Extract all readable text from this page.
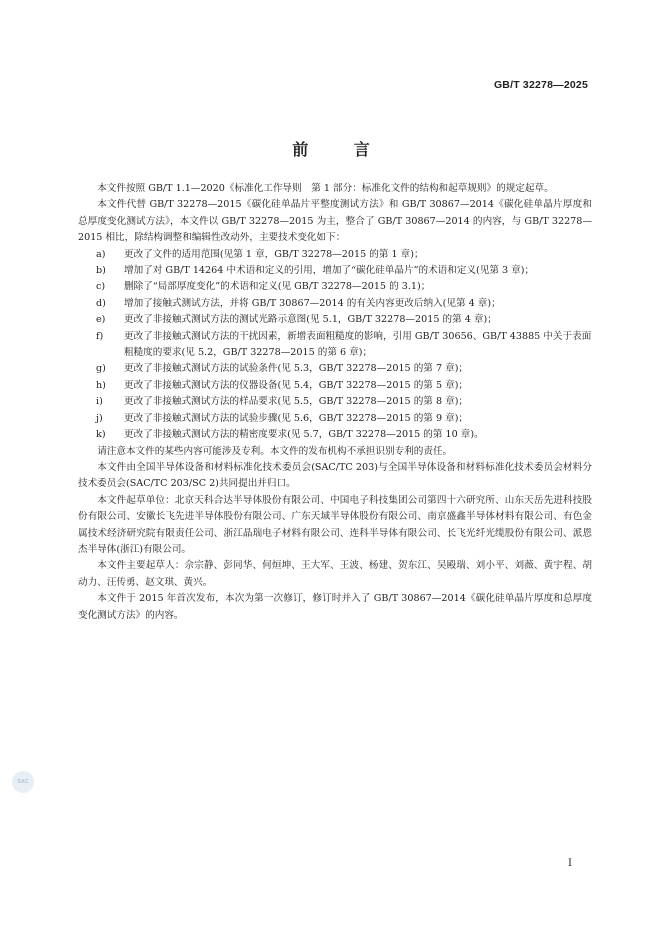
GB/T 32278—2025
前 言

本文件按照 GB/T 1.1—2020《标准化工作导则　第 1 部分：标准化文件的结构和起草规则》的规定起草。

本文件代替 GB/T 32278—2015《碳化硅单晶片平整度测试方法》和 GB/T 30867—2014《碳化硅单晶片厚度和总厚度变化测试方法》，本文件以 GB/T 32278—2015 为主，整合了 GB/T 30867—2014 的内容，与 GB/T 32278—2015 相比，除结构调整和编辑性改动外，主要技术变化如下：

a)	更改了文件的适用范围(见第 1 章，GB/T 32278—2015 的第 1 章)；
b)	增加了对 GB/T 14264 中术语和定义的引用，增加了“碳化硅单晶片”的术语和定义(见第 3 章)；
c)	删除了“局部厚度变化”的术语和定义(见 GB/T 32278—2015 的 3.1)；
d)	增加了接触式测试方法，并将 GB/T 30867—2014 的有关内容更改后纳入(见第 4 章)；
e)	更改了非接触式测试方法的测试光路示意图(见 5.1，GB/T 32278—2015 的第 4 章)；
f)	更改了非接触式测试方法的干扰因素，新增表面粗糙度的影响，引用 GB/T 30656、GB/T 43885 中关于表面粗糙度的要求(见 5.2，GB/T 32278—2015 的第 6 章)；
g)	更改了非接触式测试方法的试验条件(见 5.3，GB/T 32278—2015 的第 7 章)；
h)	更改了非接触式测试方法的仪器设备(见 5.4，GB/T 32278—2015 的第 5 章)；
i)	更改了非接触式测试方法的样品要求(见 5.5，GB/T 32278—2015 的第 8 章)；
j)	更改了非接触式测试方法的试验步骤(见 5.6，GB/T 32278—2015 的第 9 章)；
k)	更改了非接触式测试方法的精密度要求(见 5.7，GB/T 32278—2015 的第 10 章)。

请注意本文件的某些内容可能涉及专利。本文件的发布机构不承担识别专利的责任。

本文件由全国半导体设备和材料标准化技术委员会(SAC/TC 203)与全国半导体设备和材料标准化技术委员会材料分技术委员会(SAC/TC 203/SC 2)共同提出并归口。

本文件起草单位：北京天科合达半导体股份有限公司、中国电子科技集团公司第四十六研究所、山东天岳先进科技股份有限公司、安徽长飞先进半导体股份有限公司、广东天域半导体股份有限公司、南京盛鑫半导体材料有限公司、有色金属技术经济研究院有限责任公司、浙江晶瑞电子材料有限公司、连科半导体有限公司、长飞光纤光缆股份有限公司、派恩杰半导体(浙江)有限公司。

本文件主要起草人：佘宗静、彭同华、何烜坤、王大军、王波、杨建、贺东江、吴殿瑞、刘小平、刘薇、黄宇程、胡动力、汪传勇、赵文琪、黄兴。

本文件于 2015 年首次发布，本次为第一次修订，修订时并入了 GB/T 30867—2014《碳化硅单晶片厚度和总厚度变化测试方法》的内容。

SAC
I
